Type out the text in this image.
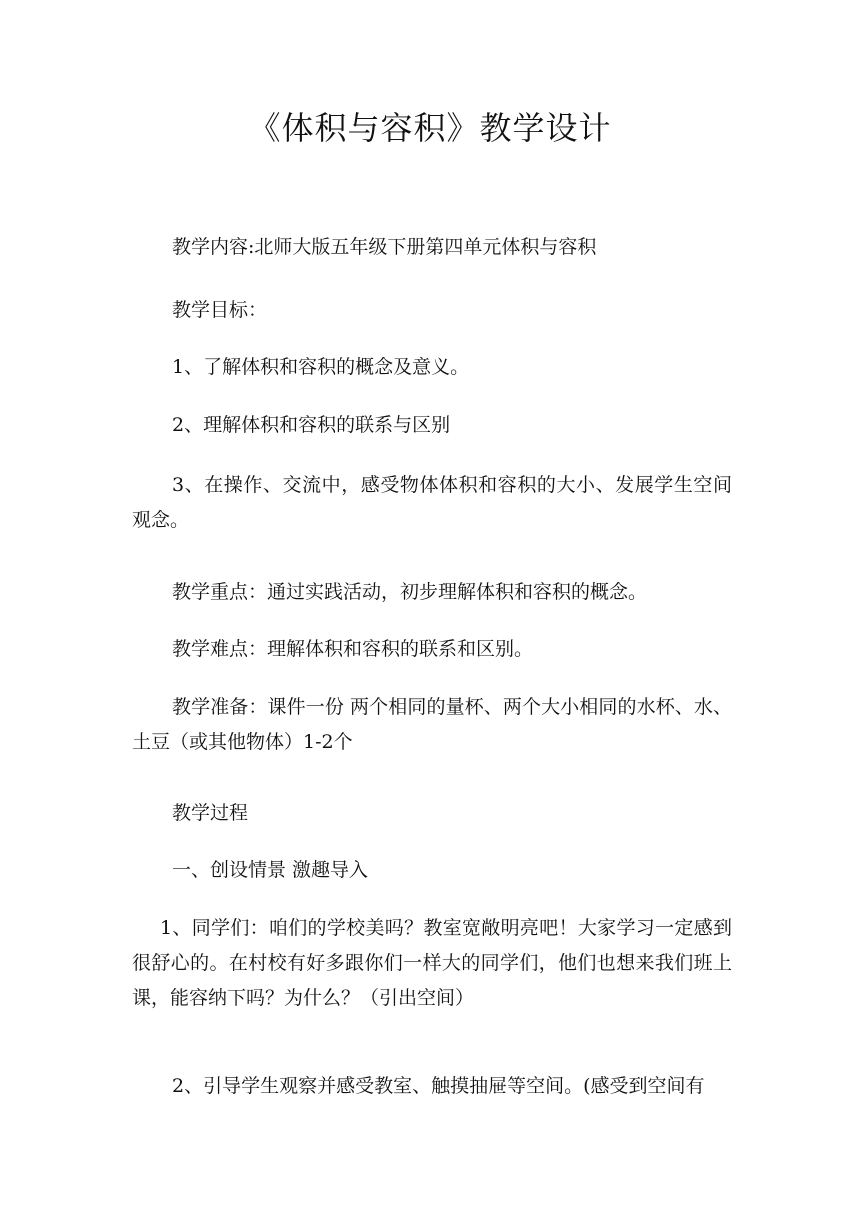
《体积与容积》教学设计

教学内容:北师大版五年级下册第四单元体积与容积

教学目标：

1、了解体积和容积的概念及意义。

2、理解体积和容积的联系与区别

3、在操作、交流中，感受物体体积和容积的大小、发展学生空间观念。

教学重点：通过实践活动，初步理解体积和容积的概念。

教学难点：理解体积和容积的联系和区别。

教学准备：课件一份 两个相同的量杯、两个大小相同的水杯、水、土豆（或其他物体）1-2个

教学过程

一、创设情景 激趣导入

1、同学们：咱们的学校美吗？教室宽敞明亮吧！大家学习一定感到很舒心的。在村校有好多跟你们一样大的同学们，他们也想来我们班上课，能容纳下吗？为什么？（引出空间）

2、引导学生观察并感受教室、触摸抽屉等空间。(感受到空间有
